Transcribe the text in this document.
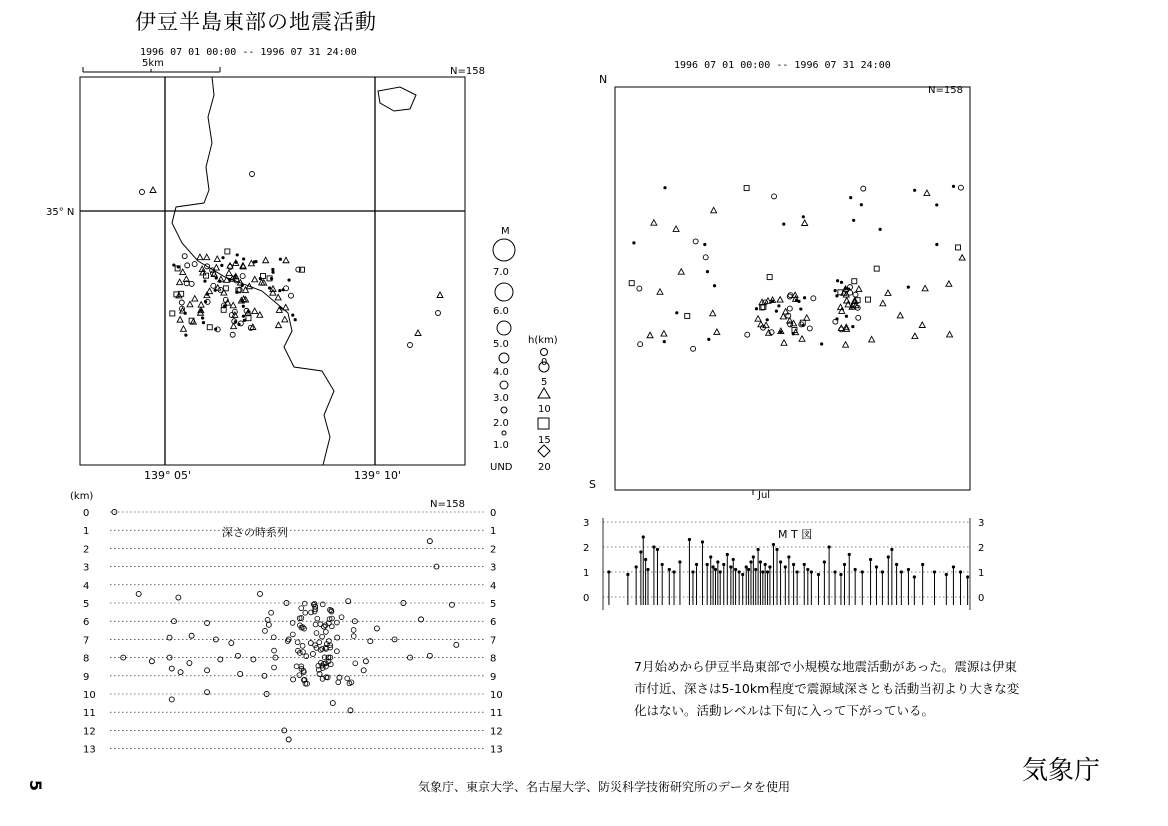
伊豆半島東部の地震活動
1996 07 01 00:00 -- 1996 07 31 24:00
N=158
1996 07 01 00:00 -- 1996 07 31 24:00
5km
35° N
139° 05'	139° 10'
M
7.0
6.0
5.0
4.0
3.0
2.0
1.0
UND
h(km)
0
5
10
15
20
N=158
N
S
Jul
(km)
N=158
0	0
1	1
2	2
3	3
4	4
5	5
6	6
7	7
8	8
9	9
10	10
11	11
12	12
13	13
深さの時系列	M T 図
3	3
2	2
1	1
0	0
7月始めから伊豆半島東部で小規模な地震活動があった。震源は伊東市付近、深さは5-10km程度で震源域深さとも活動当初より大きな変化はない。活動レベルは下旬に入って下がっている。
気象庁、東京大学、名古屋大学、防災科学技術研究所のデータを使用
気象庁
5
